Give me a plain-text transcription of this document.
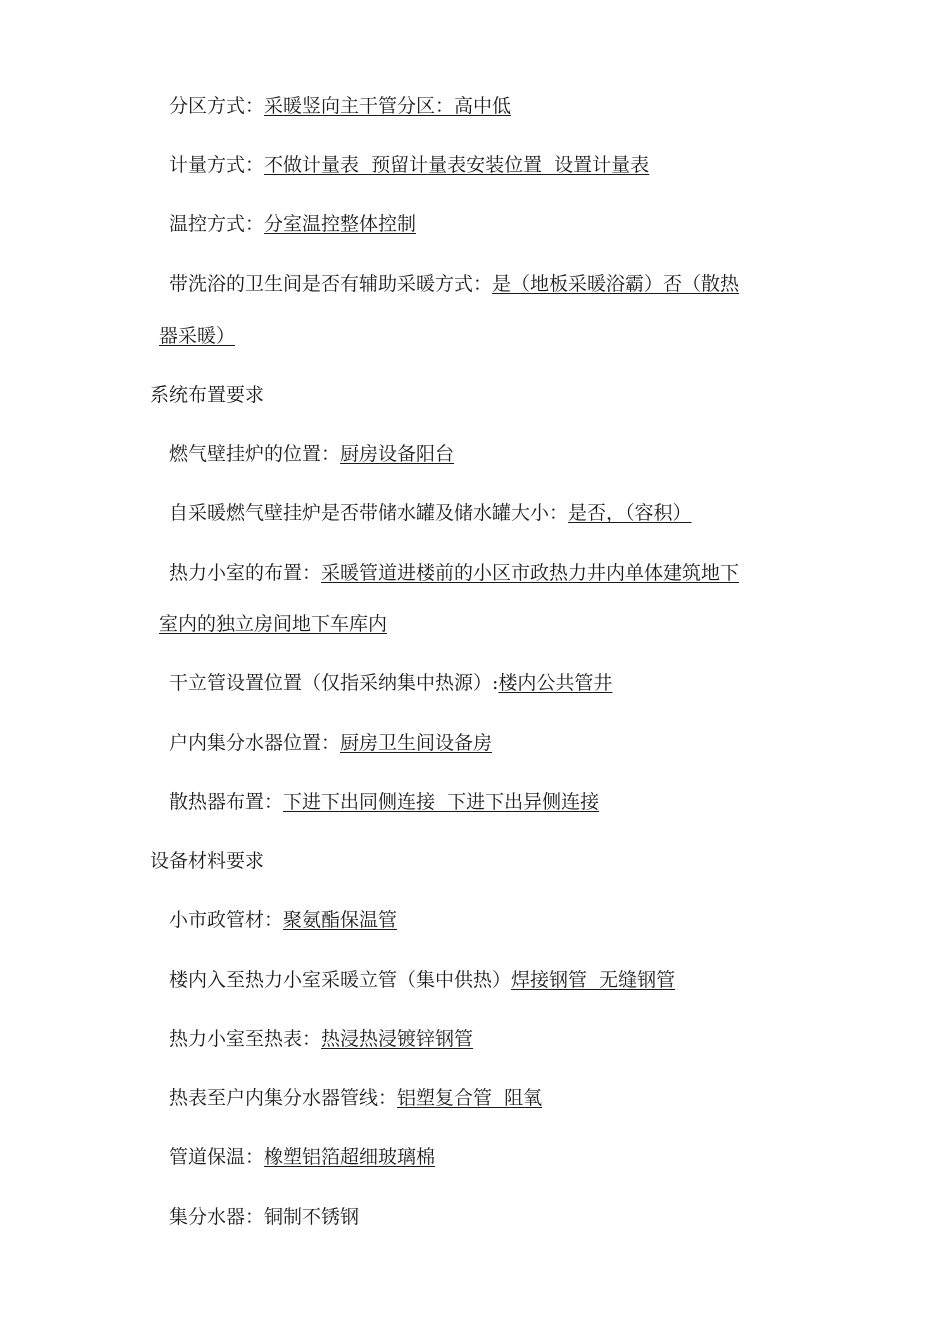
分区方式：采暖竖向主干管分区：高中低
计量方式：不做计量表  预留计量表安装位置  设置计量表
温控方式：分室温控整体控制
带洗浴的卫生间是否有辅助采暖方式：是（地板采暖浴霸）否（散热
器采暖）
系统布置要求
燃气壁挂炉的位置：厨房设备阳台
自采暖燃气壁挂炉是否带储水罐及储水罐大小：是否，（容积）
热力小室的布置：采暖管道进楼前的小区市政热力井内单体建筑地下
室内的独立房间地下车库内
干立管设置位置（仅指采纳集中热源）:楼内公共管井
户内集分水器位置：厨房卫生间设备房
散热器布置：下进下出同侧连接  下进下出异侧连接
设备材料要求
小市政管材：聚氨酯保温管
楼内入至热力小室采暖立管（集中供热）焊接钢管  无缝钢管
热力小室至热表：热浸热浸镀锌钢管
热表至户内集分水器管线：铝塑复合管  阻氧
管道保温：橡塑铝箔超细玻璃棉
集分水器：铜制不锈钢
